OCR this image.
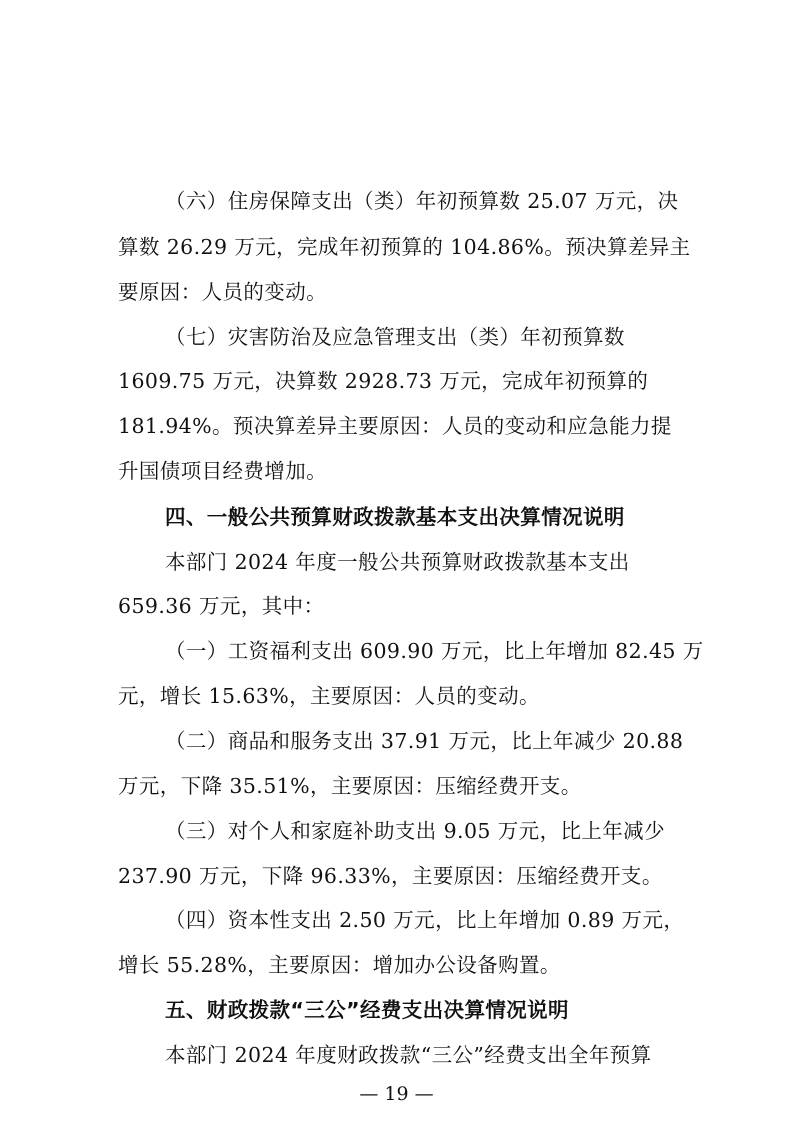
（六）住房保障支出（类）年初预算数 25.07 万元，决
算数 26.29 万元，完成年初预算的 104.86%。预决算差异主
要原因：人员的变动。
（七）灾害防治及应急管理支出（类）年初预算数
1609.75 万元，决算数 2928.73 万元，完成年初预算的
181.94%。预决算差异主要原因：人员的变动和应急能力提
升国债项目经费增加。
四、一般公共预算财政拨款基本支出决算情况说明
本部门 2024 年度一般公共预算财政拨款基本支出
659.36 万元，其中：
（一）工资福利支出 609.90 万元，比上年增加 82.45 万
元，增长 15.63%，主要原因：人员的变动。
（二）商品和服务支出 37.91 万元，比上年减少 20.88
万元，下降 35.51%，主要原因：压缩经费开支。
（三）对个人和家庭补助支出 9.05 万元，比上年减少
237.90 万元，下降 96.33%，主要原因：压缩经费开支。
（四）资本性支出 2.50 万元，比上年增加 0.89 万元，
增长 55.28%，主要原因：增加办公设备购置。
五、财政拨款“三公”经费支出决算情况说明
本部门 2024 年度财政拨款“三公”经费支出全年预算
— 19 —
